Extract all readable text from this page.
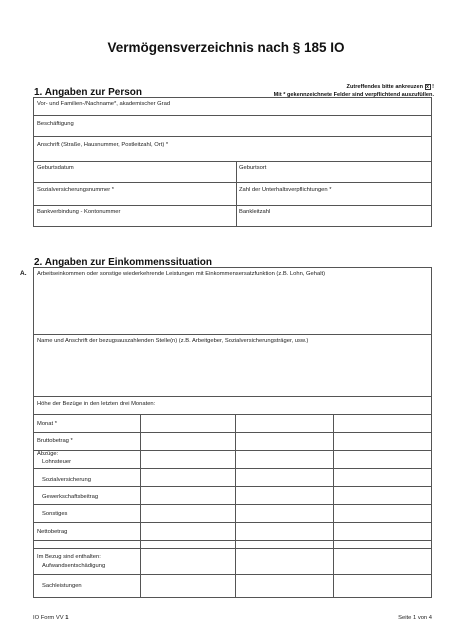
Vermögensverzeichnis nach § 185 IO
1. Angaben zur Person	Zutreffendes bitte ankreuzen x !
Mit * gekennzeichnete Felder sind verpflichtend auszufüllen.
Vor- und Familien-/Nachname*, akademischer Grad
Beschäftigung
Anschrift (Straße, Hausnummer, Postleitzahl, Ort) *
Geburtsdatum	Geburtsort
Sozialversicherungsnummer *	Zahl der Unterhaltsverpflichtungen *
Bankverbindung - Kontonummer	Bankleitzahl
2. Angaben zur Einkommenssituation
A. Arbeitseinkommen oder sonstige wiederkehrende Leistungen mit Einkommensersatzfunktion (z.B. Lohn, Gehalt)
Name und Anschrift der bezugsauszahlenden Stelle(n) (z.B. Arbeitgeber, Sozialversicherungsträger, usw.)
Höhe der Bezüge in den letzten drei Monaten:
Monat *
Bruttobetrag *
Abzüge:
Lohnsteuer
Sozialversicherung
Gewerkschaftsbeitrag
Sonstiges
Nettobetrag
Im Bezug sind enthalten:
Aufwandsentschädigung
Sachleistungen
IO Form VV 1	Seite 1 von 4
